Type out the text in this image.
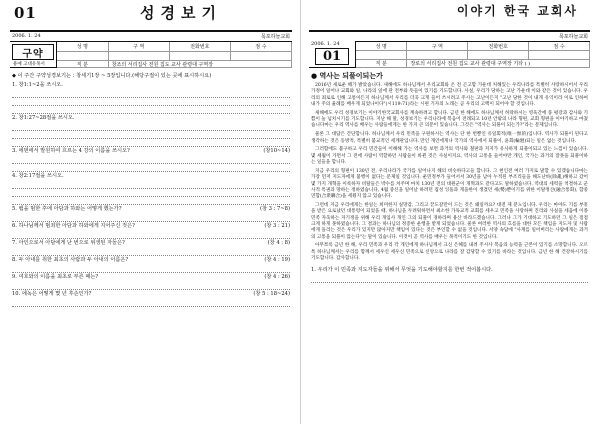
01	성경보기
2006. 1. 24	목포하늘교회
구약
용예 고대유목서
성 명	구 역	전화번호	점 수
직 분	창조의 서리집사 전원 집도 교사 관령대 구역장
◆ 이 주간 구약성경보기는 : 창세기1장 ~ 5장입니다.(해당구절이 있는 곳에 표시하시요)
1. 창1:1~2을 쓰시오.
2. 창1:27~28절을 쓰시오.
3. 에덴에서 발원하여 흐르는 4 강의 이름을 쓰시오?	(창10~14)
4. 창2:17절을 쓰시오.
5. 뱀을 범한 후에 아담과 하와는 어떻게 했는가?	(창 3 : 7~8)
6. 하나님께서 범죄한 아담과 하와에게 지어주신 것은?	(창 3 : 21)
7. 아인으로서 아담에게 난 번으로 위생된 자들은?	(창 4 : 8)
8. 두 아내를 취한 최초의 사람과 두 아내의 이름은?	(창 4 : 19)
9. 여호와의 이름을 최초로 부른 때는?	(창 4 : 26)
10. 에녹은 어떻게 몇 년 후손인가?	(창 5 : 18~24)
이야기 한국 교회사
목포하늘교회
2006. 1. 24
01
성 명	구 역	전화번호	점 수
직 분	장로의 서리집사 전원 집도 교사 관령대 구역장 기타 ( )
● 역사는 되풀이되는가

2016년 새로운 해가 밝았습니다. 새해에도 하나님께서 우리교회와 온 전 곤고함 가운데 처해있는 우리나라를 특별히 사랑하시어서 우리 가정이 일어나 교회와 일, 나라의 일에 관 전부와 뜻들이 있기를 기도합니다. 사실, 우리가 당하는 고난 가운데 이와 같은 것이 있습니다. 우리의 죄로로 인해 고통이든지 하나님께서 우리를 더욱 크게 들어 쓰시려고 주시는 고난이든지 "고난 당한 것이 내게 유익이라 이로 인하여 내가 주의 율례를 배우게 되었나이다"(시119:71)라는 시편 기자의 노래는 곧 우리의 고백이 되어야 할 것입니다.

새해에도 우리 성경보기는 이야기한국교회사를 계속하려고 합니다. 금년 한 해에도 하나님께서 허락하시는 영육간에 풍 평강과 감사와 기쁨이 늘 넘치시기를 기도합니다. 지난 해 말, 성경보기는 우리나라에 복음이 전래되고 10년 안팎의 나라 형편, 교회 형편을 이야기하고 마쳤습니다마는 우리 역사를 배우는 사람들에게는 한 가지 큰 의문이 있습니다. 그것은 "역사는 되풀이 되는가?"라는 문제입니다.

물론 그 대답은 간단합니다. 하나님께서 우리 민족을 구원하시는 역사는 단 한 번뿐인 유일회적(唯一無的)입니다. 역사가 되풀이 된다고 생각하는 것은 동방적, 특별히 불교적인 세계관입니다. 만인 개인에게나 국가의 역사에서 되풀이, 윤회(輪廻)되는 일은 없는 것입니다.

그러함에도 불구하고 우리 민간들이 이해해 가는 역사를 보면 과거의 역사와 철판과 저지가 유사하게 되풀이되고 있는 느낌이 있습니다. 몇 세월이 가면서 그 전에 사람이 역할하던 사람들이 바뀐 것은 사실이지요, 역사의 고통을 들어야만 개인, 국가는 과거의 잘못을 되풀이하는 일들을 합니다.

지금 우리의 형편이 130년 전, 우리나라가 국가를 일어나지 해의 비슷하다고들 합니다. 그 현인전 여러 가지로 말할 수 있겠습니다마는 가장 먼저 지도자에게 불행이 없다는 문제일 것입니다. 운민정부가 들어서서 30년을 남아 누적된 부조리들을 해도난바(除亂)해하고 갔어 몇 가지 개혁을 이룩하자 비탈들은 박수를 쳐주며 마치 130년 전의 대원군이 개혁과도 같다고도 말하였습니다. 역대의 세력을 척결하고 군사적 특권과 망하는 정하였습니다, 4월 중신을 일어날 하려던 집성 잉돌과 게을한이 생겼던 세(勢)뿐이기를 위한 이탈정산(融合통화), 합중연합(合衆聯合)을 세웠지 않고 있습니다.

그런데 지금 우리에게는 한일는 희미한지 실망감, 그리고 끝도갈만이 드는 것은 왜일까요? 대전 제 분노입니다. 우리는 마야도 기를 부흥을 받은 요로났던 대통령이 되었을 때, 하나님을 두려워하면서 최소한 가독교적 교회를 세우고 민족을 사랑하며 진리와 사실을 세움에 이종민족 자욱하는 자기정을 위해 우리 개임사 개인 그의 되풀이 경하라며 용산 바라드겠습니다. 그러나 그가 기대하고 기도하던 그 일은 점점 크게 하게 못하였습니다. 그 결과는 하나님의 정증한 운행을 받게 되었습니다. 물론 여러한 역사의 흐름을 대한 모든 책임을 지도자 및 사람에게 돌리는 것은 우리가 있지만 많아지만 책임이 있다는 것은 부인할 수 없을 것입니다. 서양 속담에 "사계를 일어버리는 사람에게는 과거의 고통을 되풀이 않는다"는 말이 있습니다. 이것이 곧 역사를 배우는 목적이기도 한 것입니다.

아무쪼록 금년 한 해, 우리 민족과 우리 각 개인에게 하나님께서 크신 은혜를 내려 주시사 복음의 능력을 근본이 있기를 소망합니다. 오르톡 하나님께서는 우리를 함께서 세우신 세우신 민족으로 신앙으로 나라를 잘 감당할 수 있기를 바라는 것입니다. 금년 한 해 건강하시기를 기도합니다. 감사합니다.

1. 우리가 이 민족과 지도자들을 위해서 무엇을 기도해야할지를 한번 적어봅시다.
